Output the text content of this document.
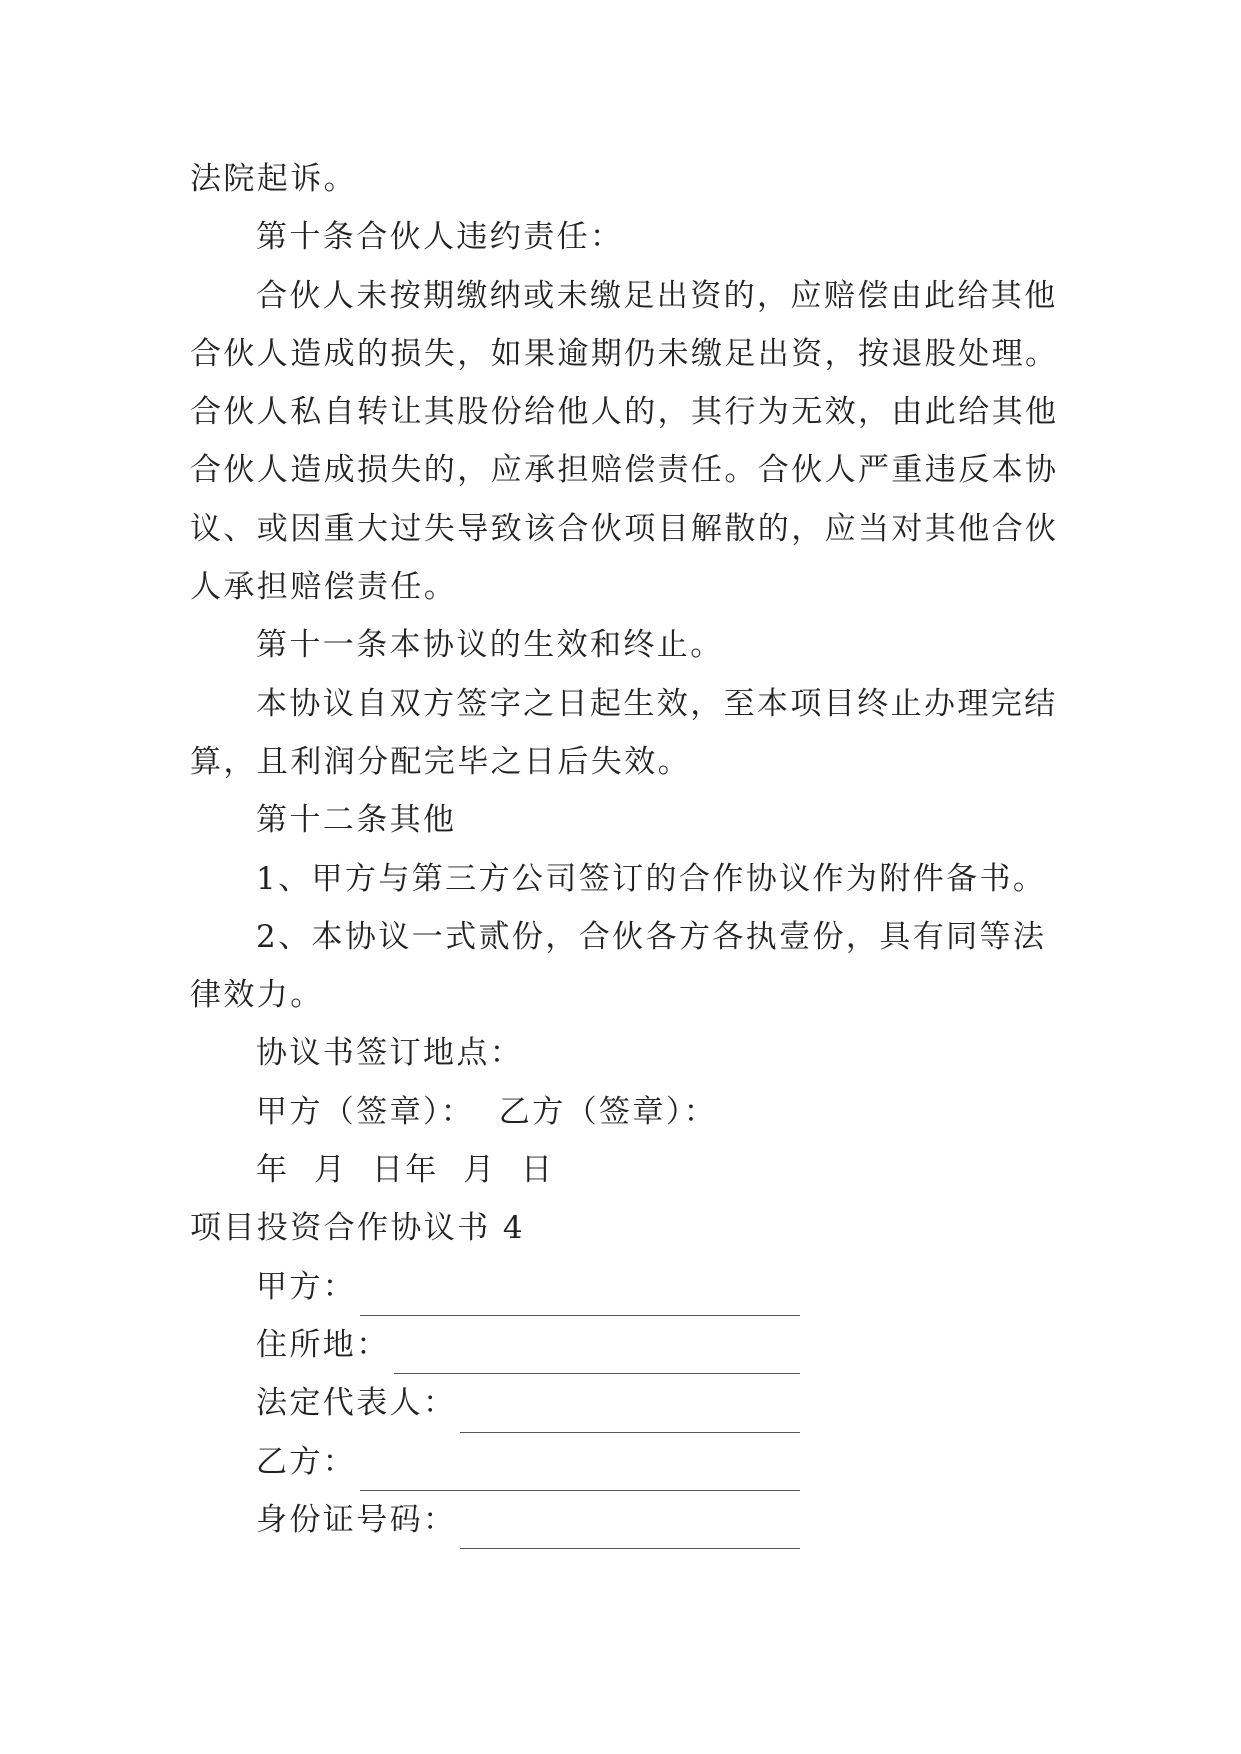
法院起诉。
第十条合伙人违约责任：
合伙人未按期缴纳或未缴足出资的，应赔偿由此给其他
合伙人造成的损失，如果逾期仍未缴足出资，按退股处理。
合伙人私自转让其股份给他人的，其行为无效，由此给其他
合伙人造成损失的，应承担赔偿责任。合伙人严重违反本协
议、或因重大过失导致该合伙项目解散的，应当对其他合伙
人承担赔偿责任。
第十一条本协议的生效和终止。
本协议自双方签字之日起生效，至本项目终止办理完结
算，且利润分配完毕之日后失效。
第十二条其他
1、甲方与第三方公司签订的合作协议作为附件备书。
2、本协议一式贰份，合伙各方各执壹份，具有同等法
律效力。
协议书签订地点：
甲方（签章）：  乙方（签章）：
年  月  日年  月  日
项目投资合作协议书 4
甲方：
住所地：
法定代表人：
乙方：
身份证号码：
